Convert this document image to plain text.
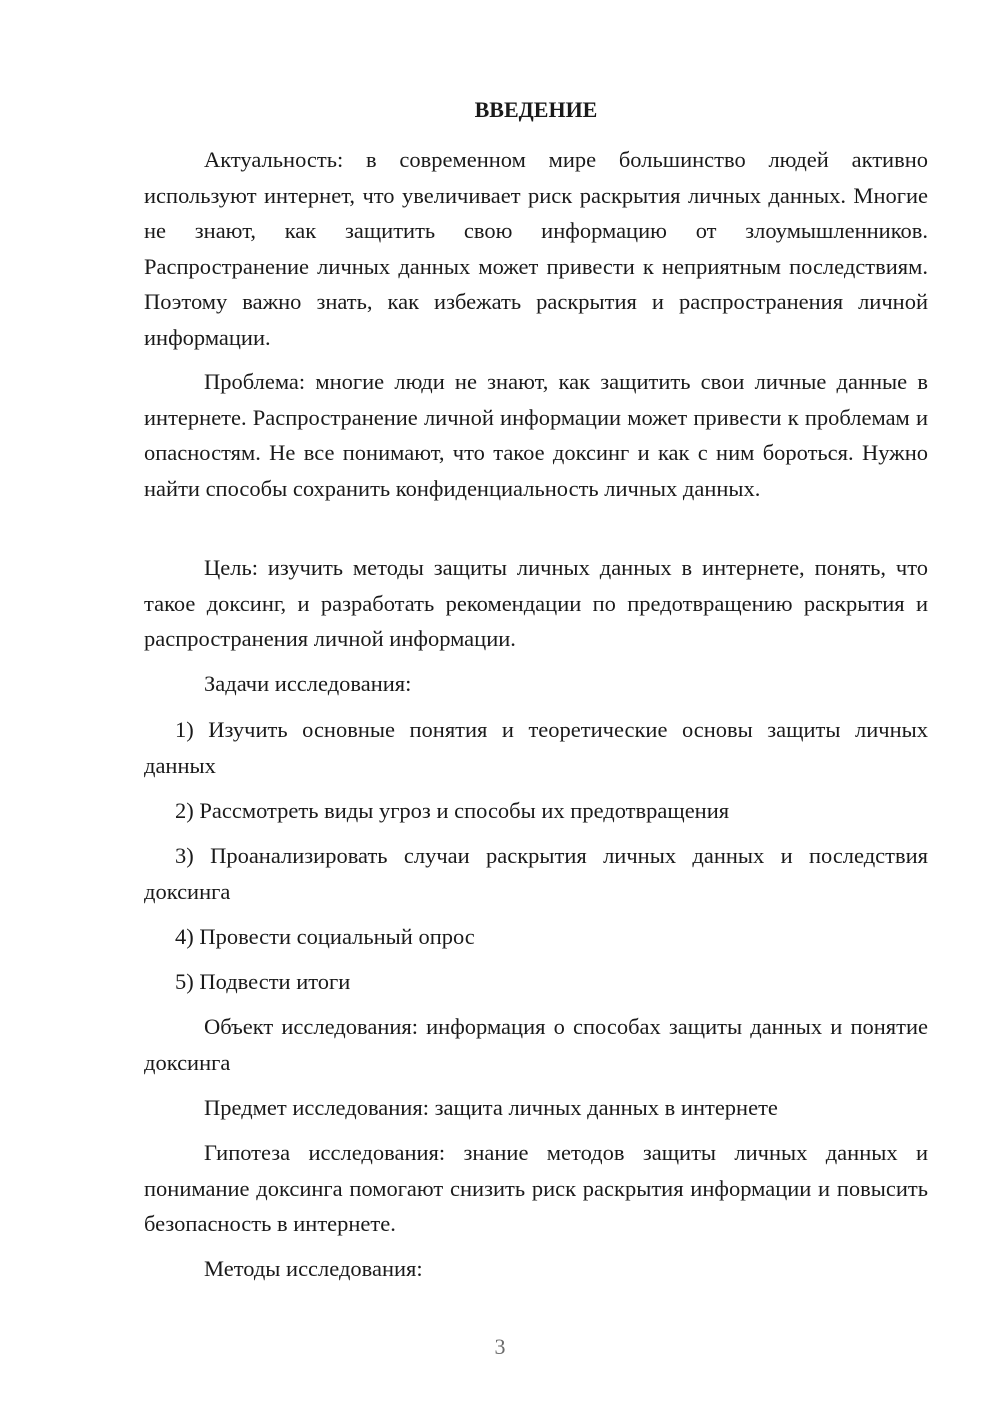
ВВЕДЕНИЕ

Актуальность: в современном мире большинство людей активно используют интернет, что увеличивает риск раскрытия личных данных. Многие не знают, как защитить свою информацию от злоумышленников. Распространение личных данных может привести к неприятным последствиям. Поэтому важно знать, как избежать раскрытия и распространения личной информации.

Проблема: многие люди не знают, как защитить свои личные данные в интернете. Распространение личной информации может привести к проблемам и опасностям. Не все понимают, что такое доксинг и как с ним бороться. Нужно найти способы сохранить конфиденциальность личных данных.

Цель: изучить методы защиты личных данных в интернете, понять, что такое доксинг, и разработать рекомендации по предотвращению раскрытия и распространения личной информации.

Задачи исследования:

1) Изучить основные понятия и теоретические основы защиты личных данных

2) Рассмотреть виды угроз и способы их предотвращения

3) Проанализировать случаи раскрытия личных данных и последствия доксинга

4) Провести социальный опрос

5) Подвести итоги

Объект исследования: информация о способах защиты данных и понятие доксинга

Предмет исследования: защита личных данных в интернете

Гипотеза исследования: знание методов защиты личных данных и понимание доксинга помогают снизить риск раскрытия информации и повысить безопасность в интернете.

Методы исследования:

3
